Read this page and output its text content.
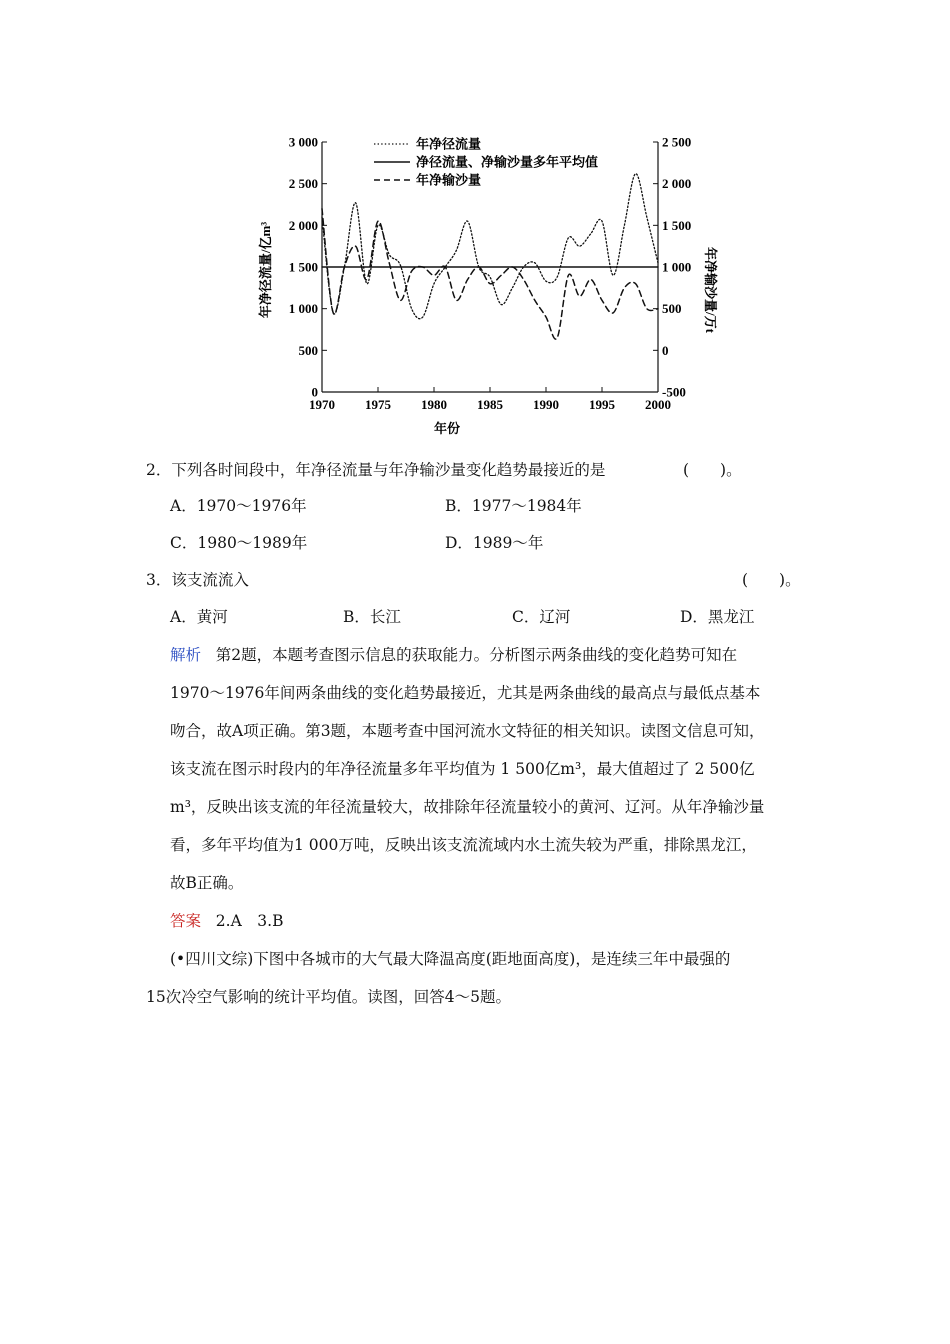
0
500
1 000
1 500
2 000
2 500
3 000
-500
0
500
1 000
1 500
2 000
2 500
1970 1975 1980 1985 1990 1995 2000
年净径流量
净径流量、净输沙量多年平均值
年净输沙量
年净径流量/亿m³	年净输沙量/万t
年份
2．下列各时间段中，年净径流量与年净输沙量变化趋势最接近的是	(　　)。
A．1970～1976年	B．1977～1984年
C．1980～1989年	D．1989～年
3．该支流流入	(　　)。
A．黄河	B．长江	C．辽河	D．黑龙江
解析 第2题，本题考查图示信息的获取能力。分析图示两条曲线的变化趋势可知在
1970～1976年间两条曲线的变化趋势最接近，尤其是两条曲线的最高点与最低点基本
吻合，故A项正确。第3题，本题考查中国河流水文特征的相关知识。读图文信息可知，
该支流在图示时段内的年净径流量多年平均值为 1 500亿m³，最大值超过了 2 500亿
m³，反映出该支流的年径流量较大，故排除年径流量较小的黄河、辽河。从年净输沙量
看，多年平均值为1 000万吨，反映出该支流流域内水土流失较为严重，排除黑龙江，
故B正确。
答案 2.A　3.B
(•四川文综)下图中各城市的大气最大降温高度(距地面高度)，是连续三年中最强的
15次冷空气影响的统计平均值。读图，回答4～5题。
